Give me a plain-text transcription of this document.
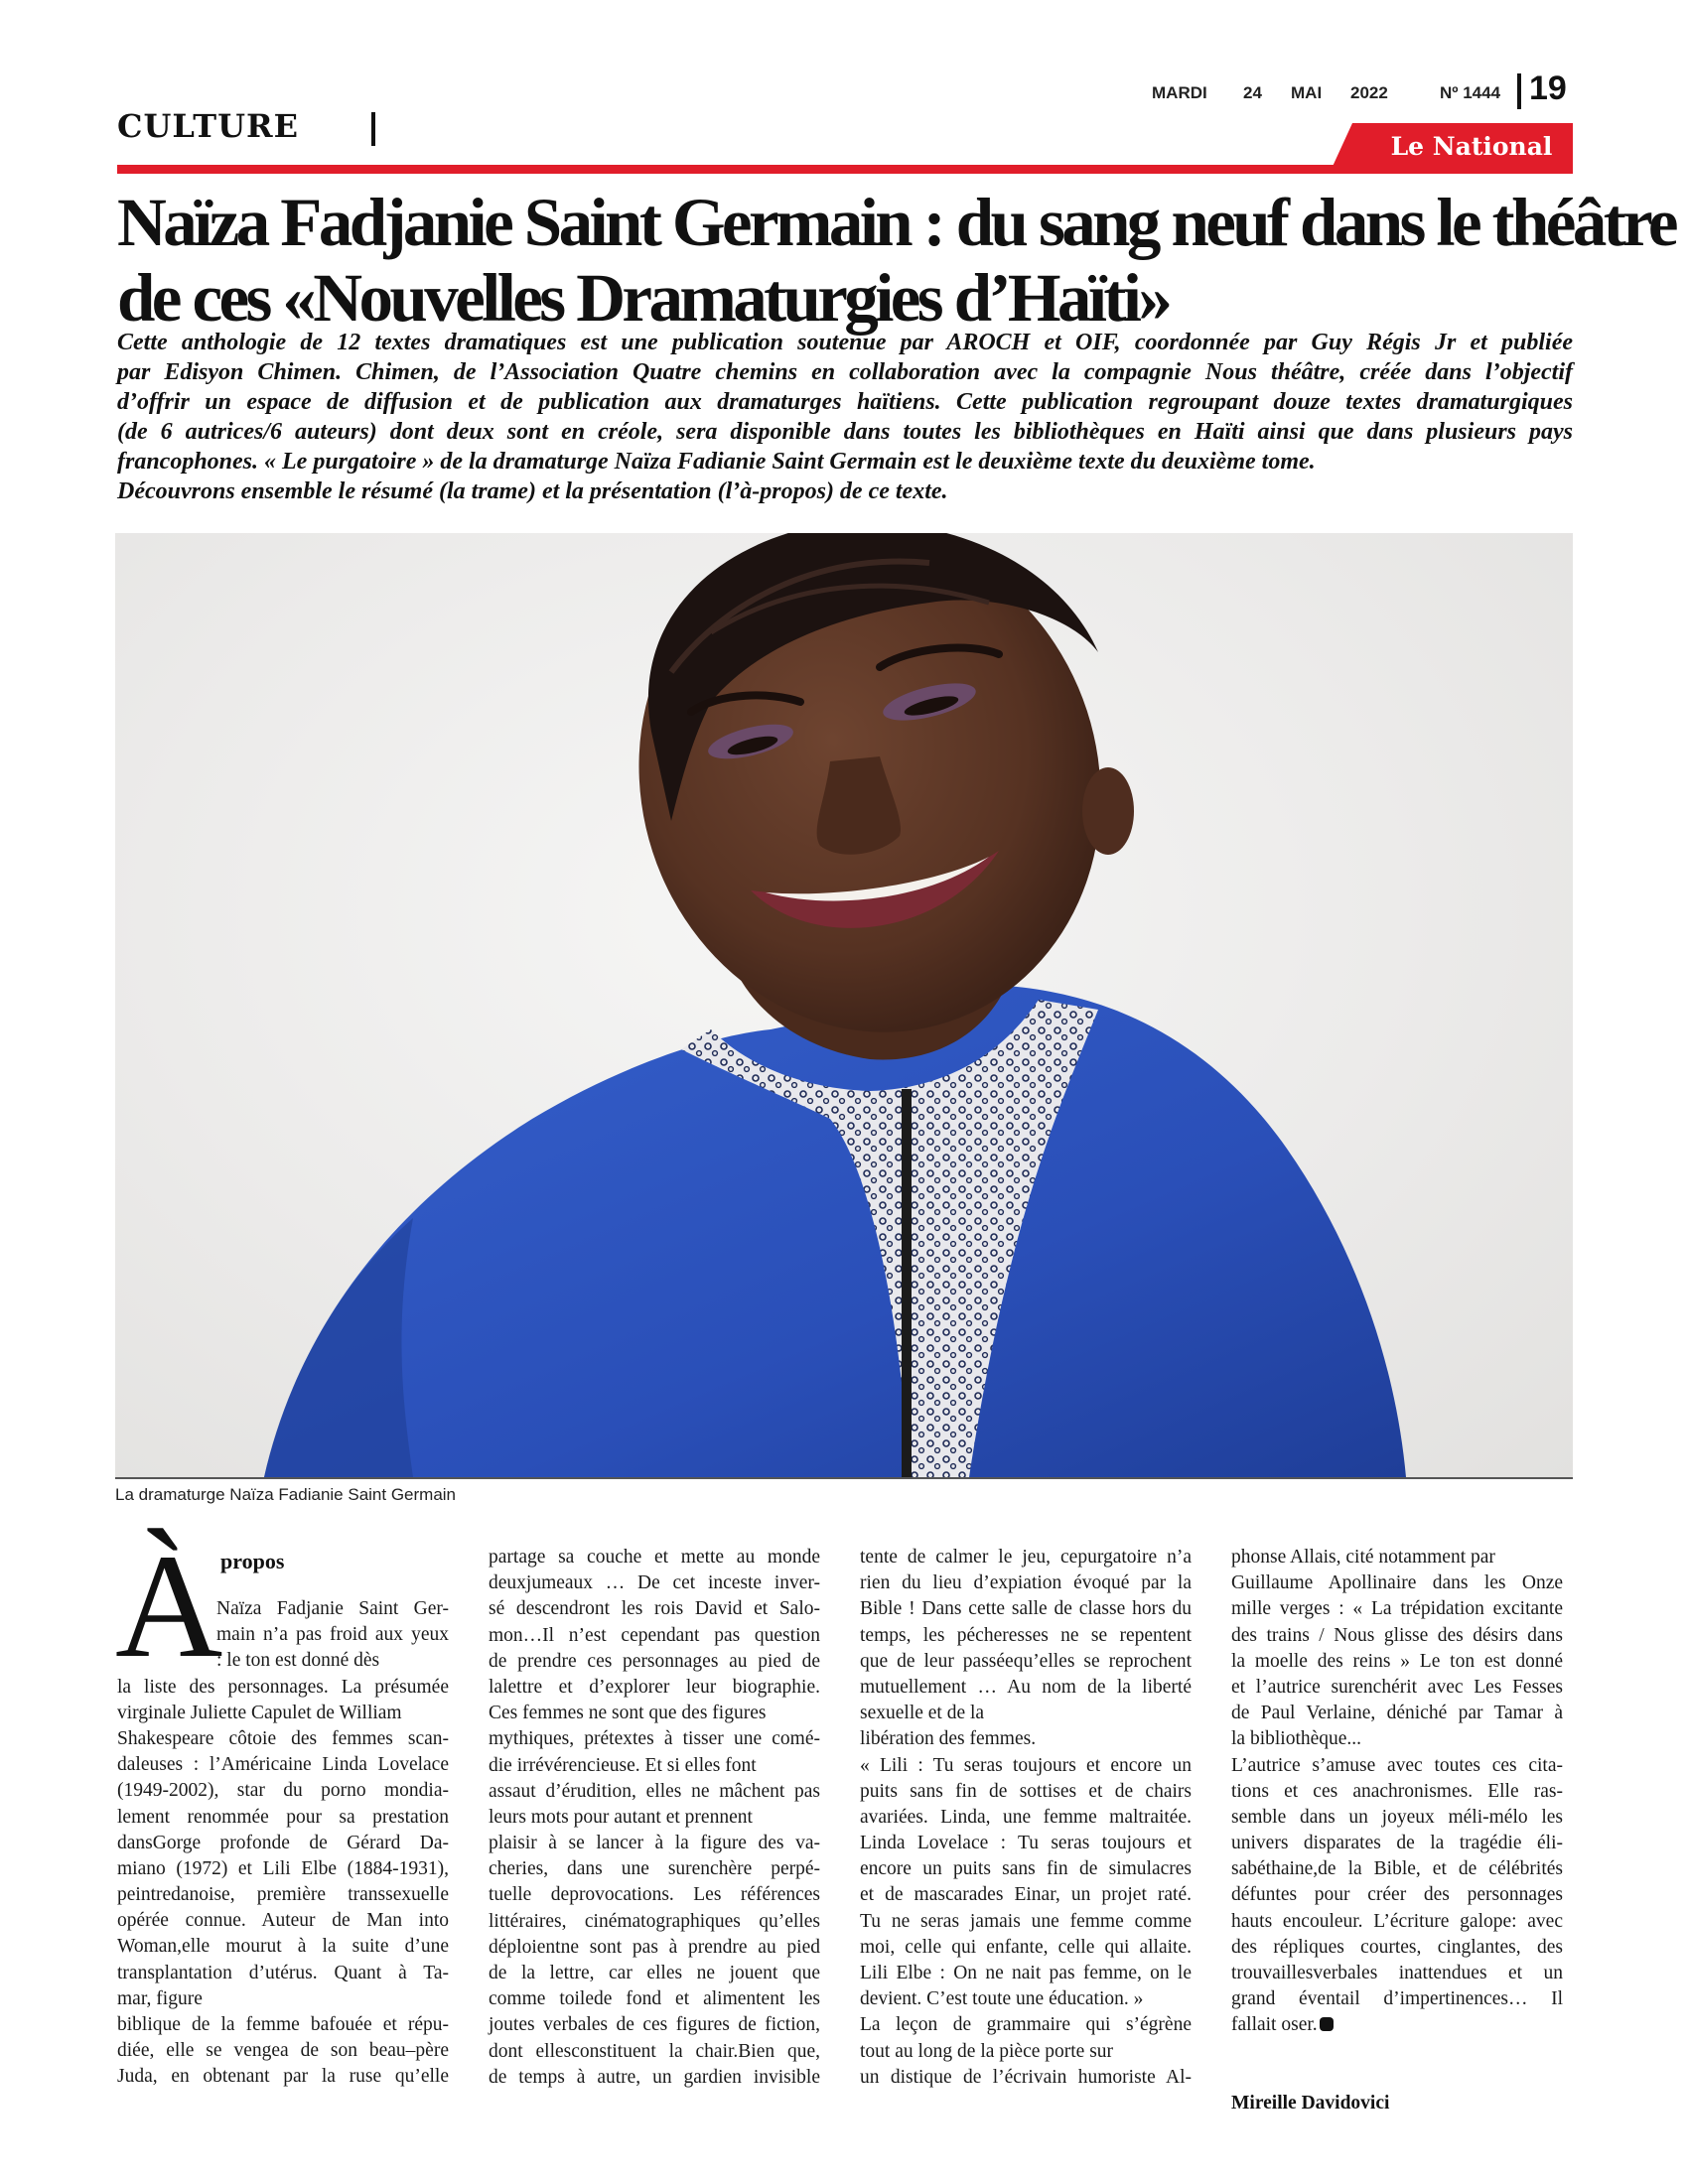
MARDI 24 MAI 2022	Nº 1444 19
CULTURE
Le National
Naïza Fadjanie Saint Germain : du sang neuf dans le théâtre
de ces «Nouvelles Dramaturgies d’Haïti»
Cette anthologie de 12 textes dramatiques est une publication soutenue par AROCH et OIF, coordonnée par Guy Régis Jr et publiée
par Edisyon Chimen. Chimen, de l’Association Quatre chemins en collaboration avec la compagnie Nous théâtre, créée dans l’objectif
d’offrir un espace de diffusion et de publication aux dramaturges haïtiens. Cette publication regroupant douze textes dramaturgiques
(de 6 autrices/6 auteurs) dont deux sont en créole, sera disponible dans toutes les bibliothèques en Haïti ainsi que dans plusieurs pays
francophones. « Le purgatoire » de la dramaturge Naïza Fadianie Saint Germain est le deuxième texte du deuxième tome.
Découvrons ensemble le résumé (la trame) et la présentation (l’à-propos) de ce texte.
La dramaturge Naïza Fadianie Saint Germain
À
propos
Naïza Fadjanie Saint Ger-
main n’a pas froid aux yeux
: le ton est donné dès
la liste des personnages. La présumée
virginale Juliette Capulet de William
Shakespeare côtoie des femmes scan-
daleuses : l’Américaine Linda Lovelace
(1949-2002), star du porno mondia-
lement renommée pour sa prestation
dansGorge profonde de Gérard Da-
miano (1972) et Lili Elbe (1884-1931),
peintredanoise, première transsexuelle
opérée connue. Auteur de Man into
Woman,elle mourut à la suite d’une
transplantation d’utérus. Quant à Ta-
mar, figure
biblique de la femme bafouée et répu-
diée, elle se vengea de son beau–père
Juda, en obtenant par la ruse qu’elle
partage sa couche et mette au monde
deuxjumeaux … De cet inceste inver-
sé descendront les rois David et Salo-
mon…Il n’est cependant pas question
de prendre ces personnages au pied de
lalettre et d’explorer leur biographie.
Ces femmes ne sont que des figures
mythiques, prétextes à tisser une comé-
die irrévérencieuse. Et si elles font
assaut d’érudition, elles ne mâchent pas
leurs mots pour autant et prennent
plaisir à se lancer à la figure des va-
cheries, dans une surenchère perpé-
tuelle deprovocations. Les références
littéraires, cinématographiques qu’elles
déploientne sont pas à prendre au pied
de la lettre, car elles ne jouent que
comme toilede fond et alimentent les
joutes verbales de ces figures de fiction,
dont ellesconstituent la chair.Bien que,
de temps à autre, un gardien invisible
tente de calmer le jeu, cepurgatoire n’a
rien du lieu d’expiation évoqué par la
Bible ! Dans cette salle de classe hors du
temps, les pécheresses ne se repentent
que de leur passéequ’elles se reprochent
mutuellement … Au nom de la liberté
sexuelle et de la
libération des femmes.
« Lili : Tu seras toujours et encore un
puits sans fin de sottises et de chairs
avariées. Linda, une femme maltraitée.
Linda Lovelace : Tu seras toujours et
encore un puits sans fin de simulacres
et de mascarades Einar, un projet raté.
Tu ne seras jamais une femme comme
moi, celle qui enfante, celle qui allaite.
Lili Elbe : On ne nait pas femme, on le
devient. C’est toute une éducation. »
La leçon de grammaire qui s’égrène
tout au long de la pièce porte sur
un distique de l’écrivain humoriste Al-
phonse Allais, cité notamment par
Guillaume Apollinaire dans les Onze
mille verges : « La trépidation excitante
des trains / Nous glisse des désirs dans
la moelle des reins » Le ton est donné
et l’autrice surenchérit avec Les Fesses
de Paul Verlaine, déniché par Tamar à
la bibliothèque...
L’autrice s’amuse avec toutes ces cita-
tions et ces anachronismes. Elle ras-
semble dans un joyeux méli-mélo les
univers disparates de la tragédie éli-
sabéthaine,de la Bible, et de célébrités
défuntes pour créer des personnages
hauts encouleur. L’écriture galope: avec
des répliques courtes, cinglantes, des
trouvaillesverbales inattendues et un
grand éventail d’impertinences… Il
fallait oser.
Mireille Davidovici
